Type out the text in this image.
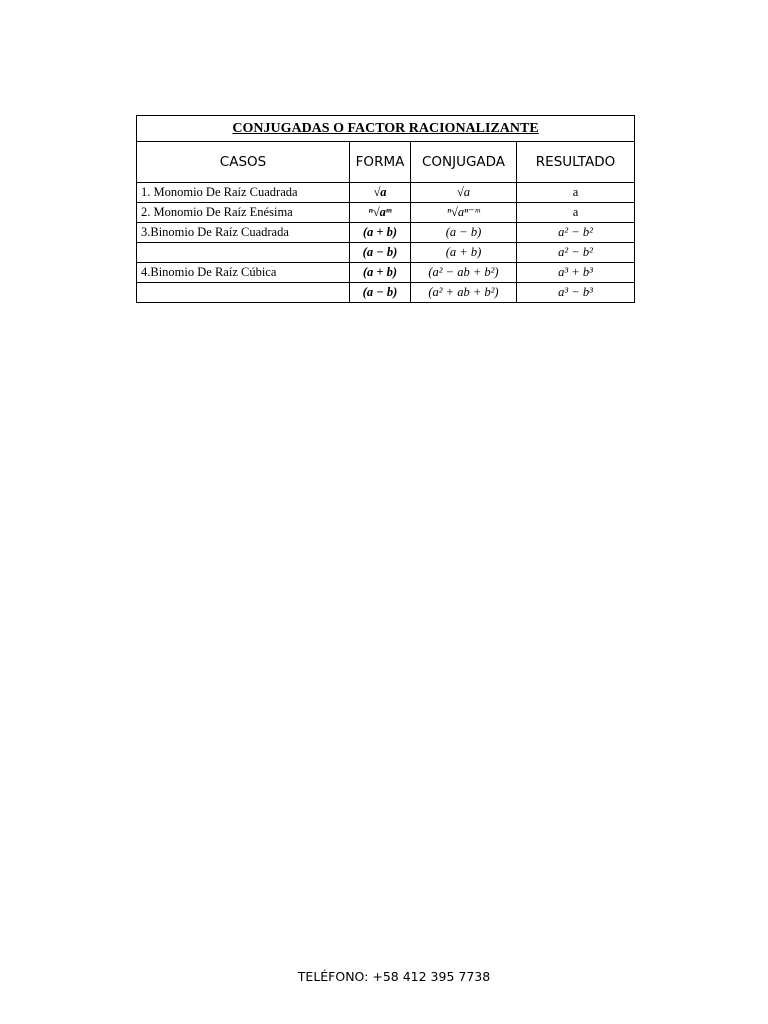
CONJUGADAS O FACTOR RACIONALIZANTE			
CASOS	FORMA	CONJUGADA	RESULTADO
1. Monomio De Raíz Cuadrada	√a	√a	a
2. Monomio De Raíz Enésima	ⁿ√aᵐ	ⁿ√aⁿ⁻ᵐ	a
3.Binomio De Raíz Cuadrada	(a + b)	(a − b)	a² − b²
	(a − b)	(a + b)	a² − b²
4.Binomio De Raíz Cúbica	(a + b)	(a² − ab + b²)	a³ + b³
	(a − b)	(a² + ab + b²)	a³ − b³
TELÉFONO: +58 412 395 7738
